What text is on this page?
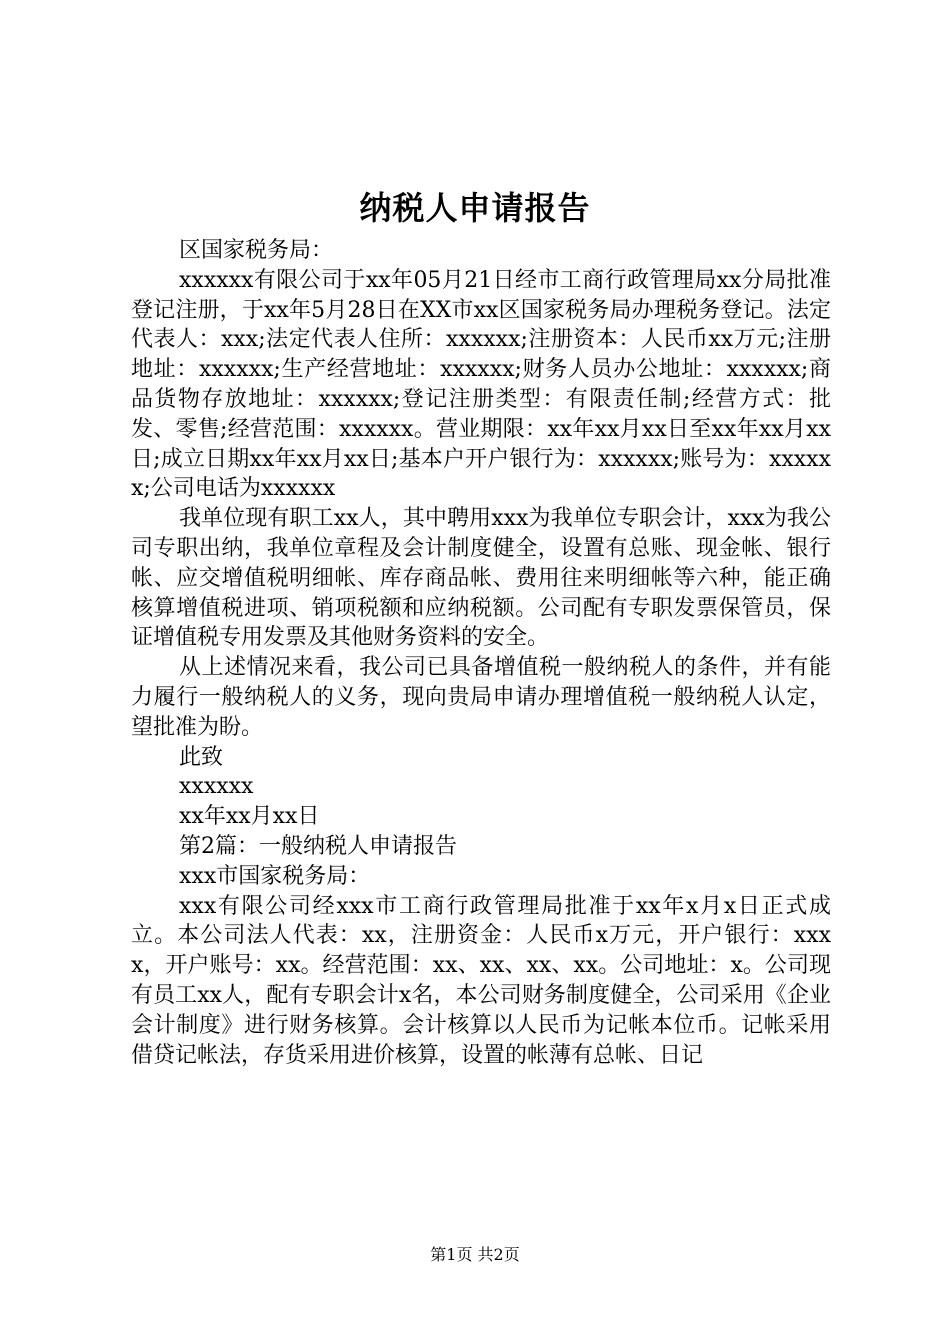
纳税人申请报告

区国家税务局：

xxxxxx有限公司于xx年05月21日经市工商行政管理局xx分局批准登记注册，于xx年5月28日在XX市xx区国家税务局办理税务登记。法定代表人：xxx;法定代表人住所：xxxxxx;注册资本：人民币xx万元;注册地址：xxxxxx;生产经营地址：xxxxxx;财务人员办公地址：xxxxxx;商品货物存放地址：xxxxxx;登记注册类型：有限责任制;经营方式：批发、零售;经营范围：xxxxxx。营业期限：xx年xx月xx日至xx年xx月xx日;成立日期xx年xx月xx日;基本户开户银行为：xxxxxx;账号为：xxxxxx;公司电话为xxxxxx

我单位现有职工xx人，其中聘用xxx为我单位专职会计，xxx为我公司专职出纳，我单位章程及会计制度健全，设置有总账、现金帐、银行帐、应交增值税明细帐、库存商品帐、费用往来明细帐等六种，能正确核算增值税进项、销项税额和应纳税额。公司配有专职发票保管员，保证增值税专用发票及其他财务资料的安全。

从上述情况来看，我公司已具备增值税一般纳税人的条件，并有能力履行一般纳税人的义务，现向贵局申请办理增值税一般纳税人认定，望批准为盼。

此致

xxxxxx

xx年xx月xx日

第2篇：一般纳税人申请报告

xxx市国家税务局：

xxx有限公司经xxx市工商行政管理局批准于xx年x月x日正式成立。本公司法人代表：xx，注册资金：人民币x万元，开户银行：xxxx，开户账号：xx。经营范围：xx、xx、xx、xx。公司地址：x。公司现有员工xx人，配有专职会计x名，本公司财务制度健全，公司采用《企业会计制度》进行财务核算。会计核算以人民币为记帐本位币。记帐采用借贷记帐法，存货采用进价核算，设置的帐薄有总帐、日记

第1页 共2页
